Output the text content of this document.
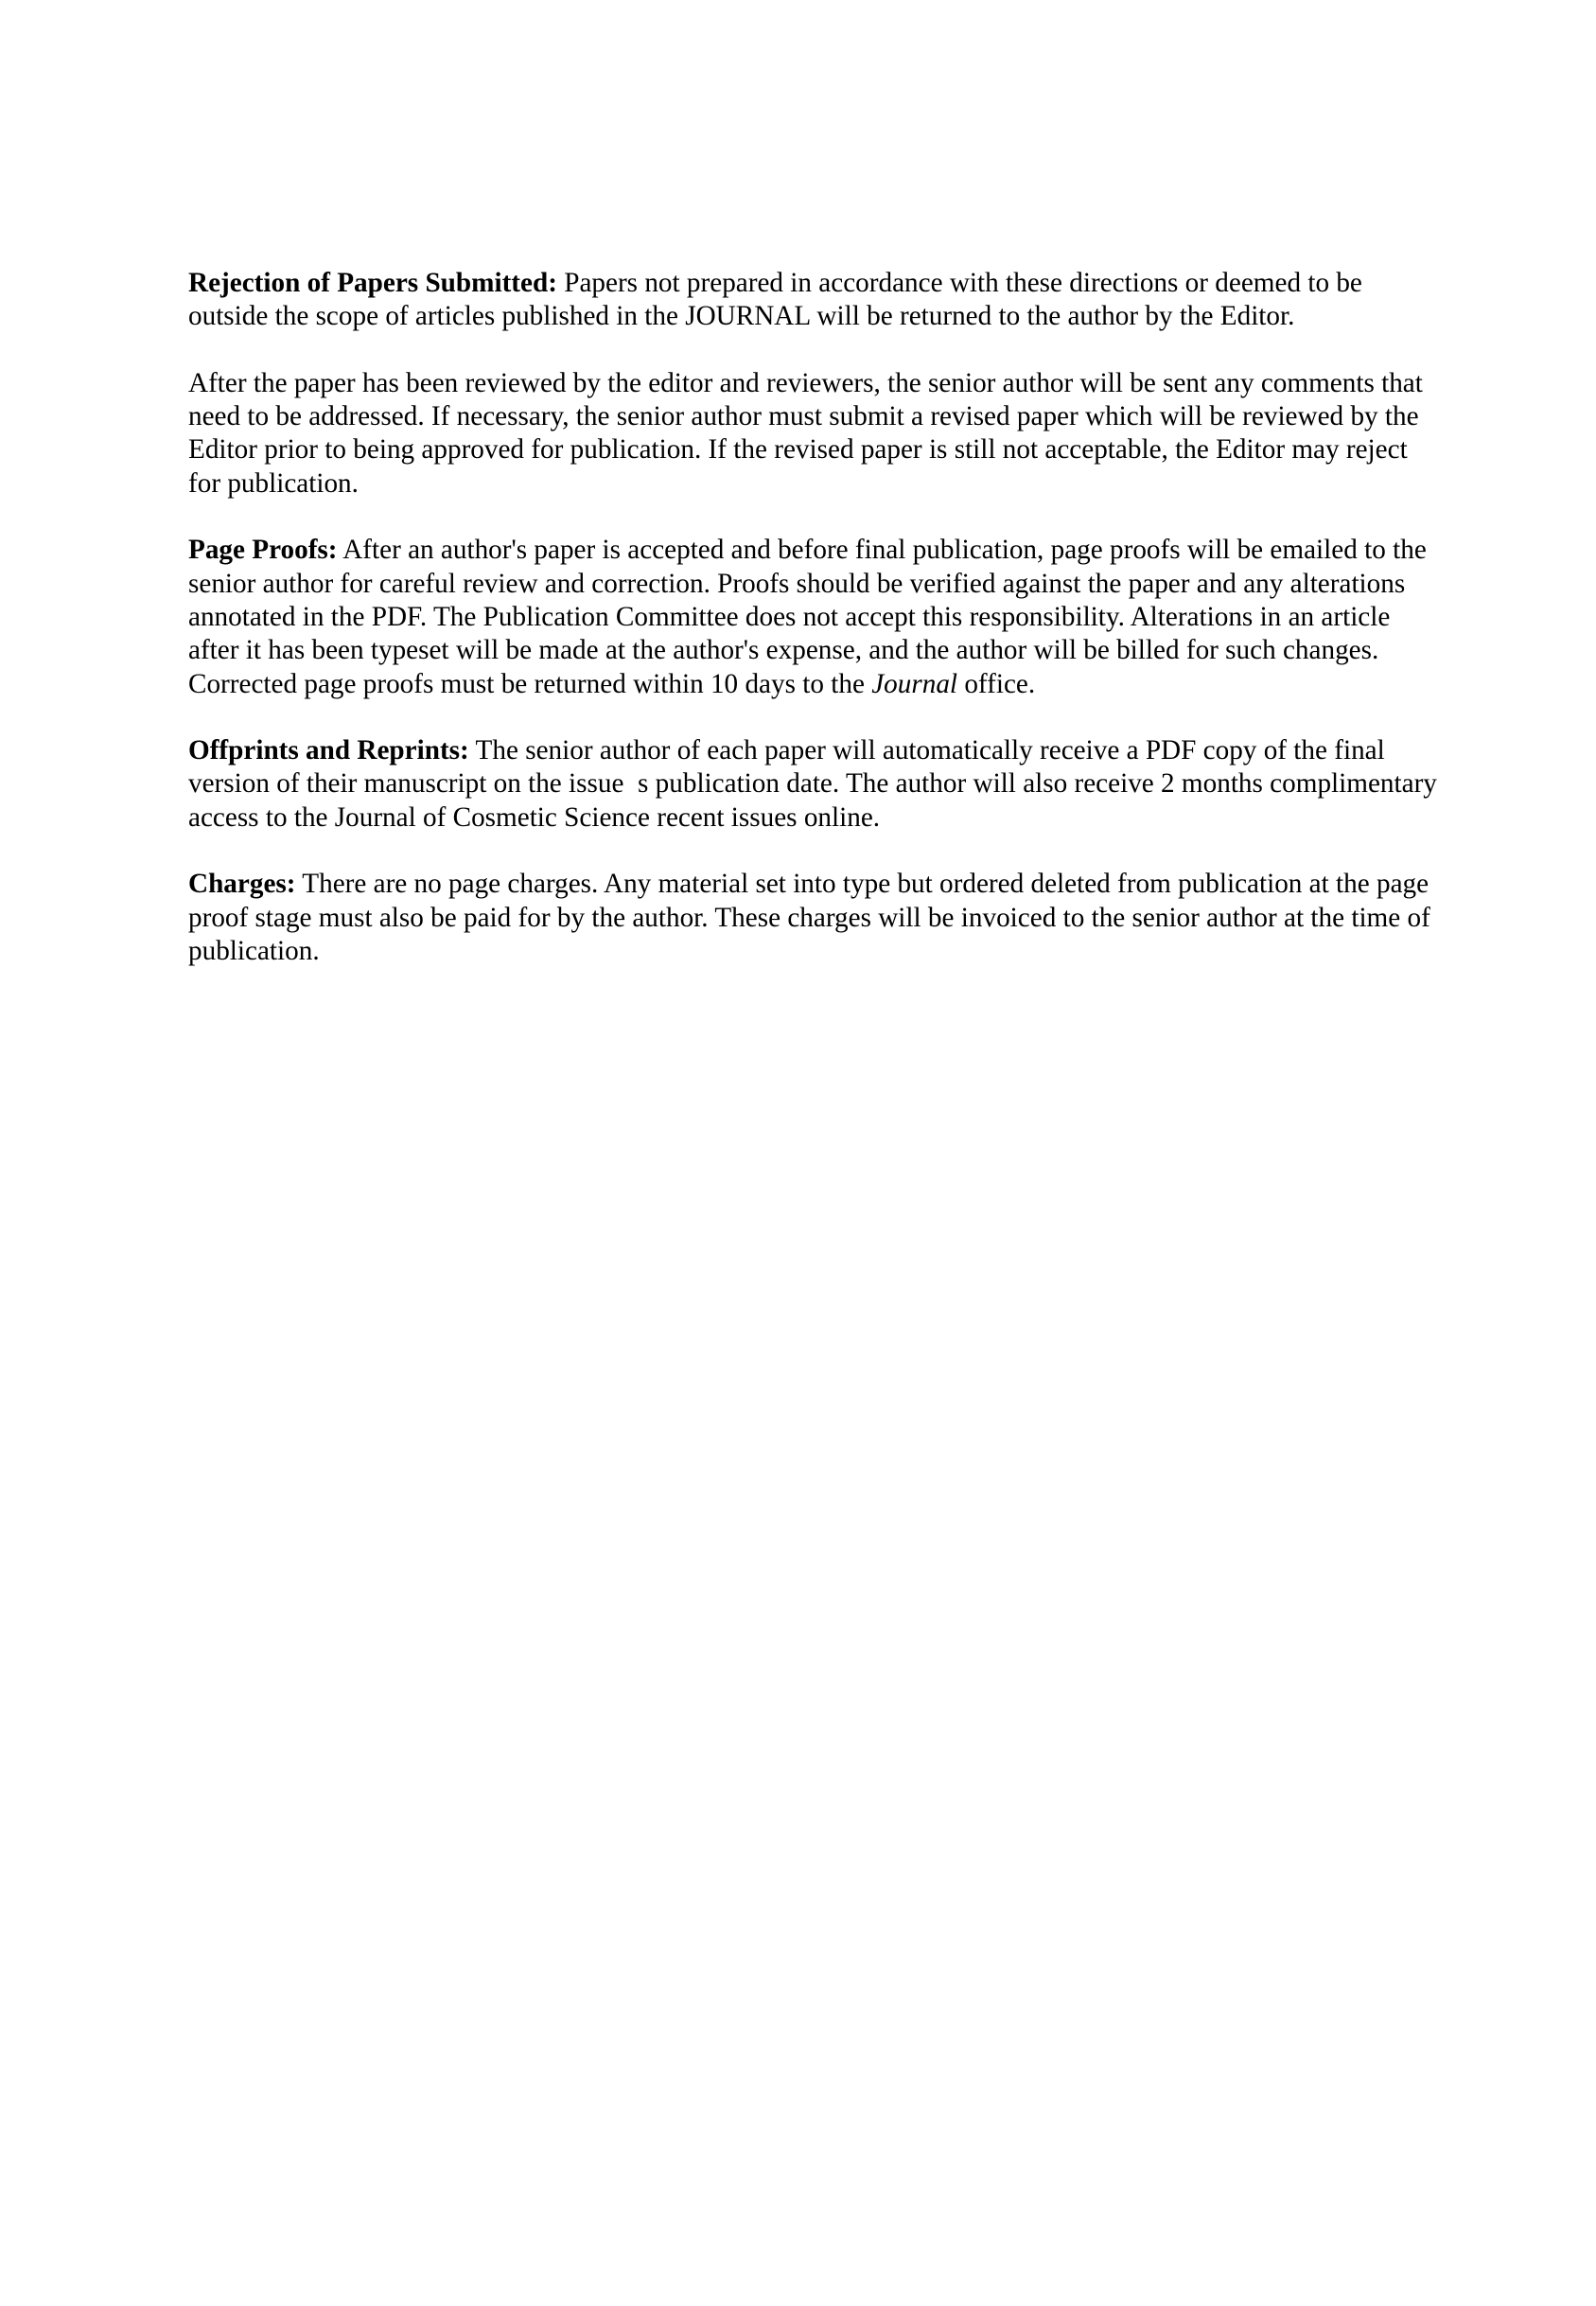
Rejection of Papers Submitted: Papers not prepared in accordance with these directions or deemed to be outside the scope of articles published in the JOURNAL will be returned to the author by the Editor.

After the paper has been reviewed by the editor and reviewers, the senior author will be sent any comments that need to be addressed. If necessary, the senior author must submit a revised paper which will be reviewed by the Editor prior to being approved for publication. If the revised paper is still not acceptable, the Editor may reject for publication.

Page Proofs: After an author's paper is accepted and before final publication, page proofs will be emailed to the senior author for careful review and correction. Proofs should be verified against the paper and any alterations annotated in the PDF. The Publication Committee does not accept this responsibility. Alterations in an article after it has been typeset will be made at the author's expense, and the author will be billed for such changes. Corrected page proofs must be returned within 10 days to the Journal office.

Offprints and Reprints: The senior author of each paper will automatically receive a PDF copy of the final version of their manuscript on the issue  s publication date. The author will also receive 2 months complimentary access to the Journal of Cosmetic Science recent issues online.

Charges: There are no page charges. Any material set into type but ordered deleted from publication at the page proof stage must also be paid for by the author. These charges will be invoiced to the senior author at the time of publication.
